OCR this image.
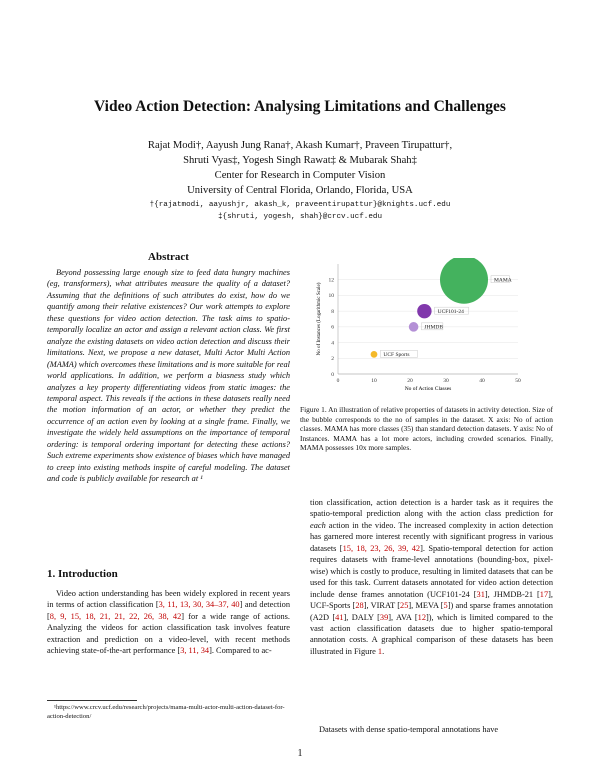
Video Action Detection: Analysing Limitations and Challenges
Rajat Modi†, Aayush Jung Rana†, Akash Kumar†, Praveen Tirupattur†,
Shruti Vyas‡, Yogesh Singh Rawat‡ & Mubarak Shah‡
Center for Research in Computer Vision
University of Central Florida, Orlando, Florida, USA
†{rajatmodi, aayushjr, akash_k, praveentirupattur}@knights.ucf.edu
‡{shruti, yogesh, shah}@crcv.ucf.edu
Abstract
Beyond possessing large enough size to feed data hungry machines (eg, transformers), what attributes measure the quality of a dataset? Assuming that the definitions of such attributes do exist, how do we quantify among their relative existences? Our work attempts to explore these questions for video action detection. The task aims to spatio-temporally localize an actor and assign a relevant action class. We first analyze the existing datasets on video action detection and discuss their limitations. Next, we propose a new dataset, Multi Actor Multi Action (MAMA) which overcomes these limitations and is more suitable for real world applications. In addition, we perform a biasness study which analyzes a key property differentiating videos from static images: the temporal aspect. This reveals if the actions in these datasets really need the motion information of an actor, or whether they predict the occurrence of an action even by looking at a single frame. Finally, we investigate the widely held assumptions on the importance of temporal ordering: is temporal ordering important for detecting these actions? Such extreme experiments show existence of biases which have managed to creep into existing methods inspite of careful modeling. The dataset and code is publicly available for research at ¹
1. Introduction
Video action understanding has been widely explored in recent years in terms of action classification [3, 11, 13, 30, 34–37, 40] and detection [8, 9, 15, 18, 21, 21, 22, 26, 38, 42] for a wide range of actions. Analyzing the videos for action classification task involves feature extraction and prediction on a video-level, with recent methods achieving state-of-the-art performance [3, 11, 34]. Compared to ac-
¹https://www.crcv.ucf.edu/research/projects/mama-multi-actor-multi-action-dataset-for-action-detection/
0
2
4
6
8
10
12
0	10	20	30	40	50
MAMA
UCF101-24
JHMDB
UCF Sports
No of Action Classes
No of Instances (Logarithmic Scale)
Figure 1. An illustration of relative properties of datasets in activity detection. Size of the bubble corresponds to the no of samples in the dataset. X axis: No of action classes. MAMA has more classes (35) than standard detection datasets. Y axis: No of Instances. MAMA has a lot more actors, including crowded scenarios. Finally, MAMA possesses 10x more samples.
tion classification, action detection is a harder task as it requires the spatio-temporal prediction along with the action class prediction for each action in the video. The increased complexity in action detection has garnered more interest recently with significant progress in various datasets [15, 18, 23, 26, 39, 42]. Spatio-temporal detection for action requires datasets with frame-level annotations (bounding-box, pixel-wise) which is costly to produce, resulting in limited datasets that can be used for this task. Current datasets annotated for video action detection include dense frames annotation (UCF101-24 [31], JHMDB-21 [17], UCF-Sports [28], VIRAT [25], MEVA [5]) and sparse frames annotation (A2D [41], DALY [39], AVA [12]), which is limited compared to the vast action classification datasets due to higher spatio-temporal annotation costs. A graphical comparison of these datasets has been illustrated in Figure 1.
Datasets with dense spatio-temporal annotations have
1
